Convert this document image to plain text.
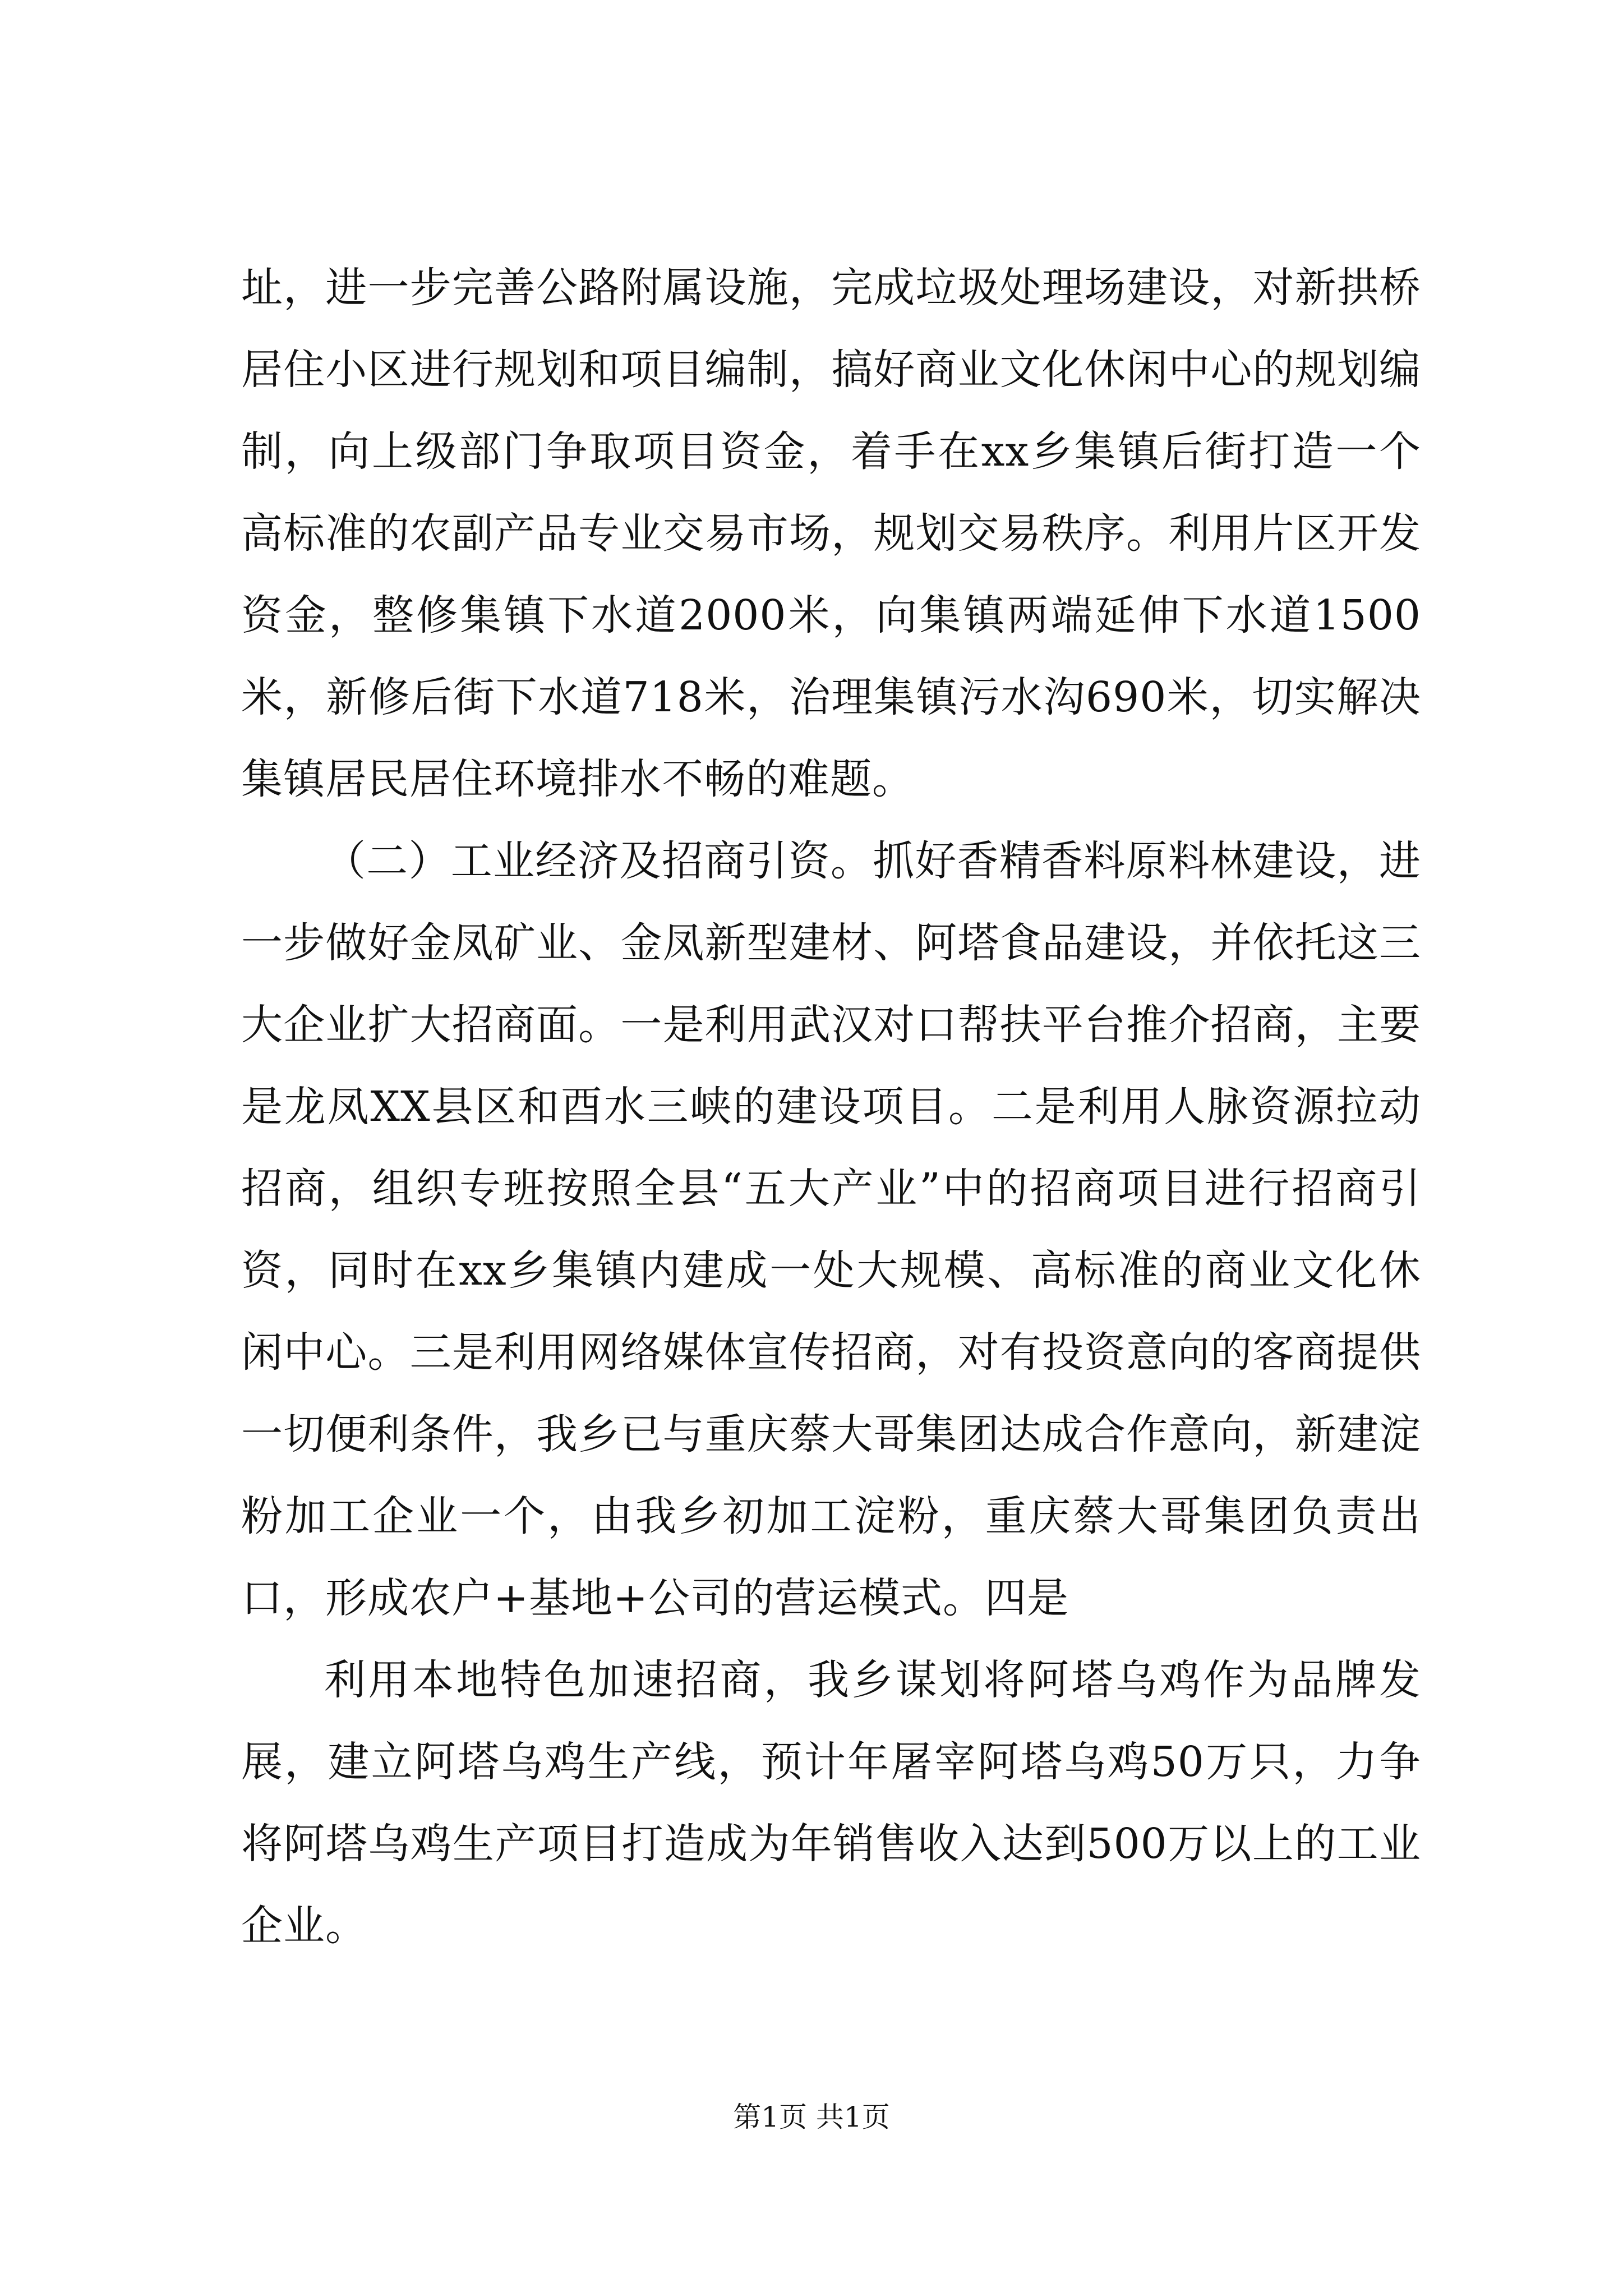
址，进一步完善公路附属设施，完成垃圾处理场建设，对新拱桥居住小区进行规划和项目编制，搞好商业文化休闲中心的规划编制，向上级部门争取项目资金，着手在xx乡集镇后街打造一个高标准的农副产品专业交易市场，规划交易秩序。利用片区开发资金，整修集镇下水道2000米，向集镇两端延伸下水道1500米，新修后街下水道718米，治理集镇污水沟690米，切实解决集镇居民居住环境排水不畅的难题。

（二）工业经济及招商引资。抓好香精香料原料林建设，进一步做好金凤矿业、金凤新型建材、阿塔食品建设，并依托这三大企业扩大招商面。一是利用武汉对口帮扶平台推介招商，主要是龙凤XX县区和酉水三峡的建设项目。二是利用人脉资源拉动招商，组织专班按照全县“五大产业”中的招商项目进行招商引资，同时在xx乡集镇内建成一处大规模、高标准的商业文化休闲中心。三是利用网络媒体宣传招商，对有投资意向的客商提供一切便利条件，我乡已与重庆蔡大哥集团达成合作意向，新建淀粉加工企业一个，由我乡初加工淀粉，重庆蔡大哥集团负责出口，形成农户+基地+公司的营运模式。四是

利用本地特色加速招商，我乡谋划将阿塔乌鸡作为品牌发展，建立阿塔乌鸡生产线，预计年屠宰阿塔乌鸡50万只，力争将阿塔乌鸡生产项目打造成为年销售收入达到500万以上的工业企业。

第1页 共1页
